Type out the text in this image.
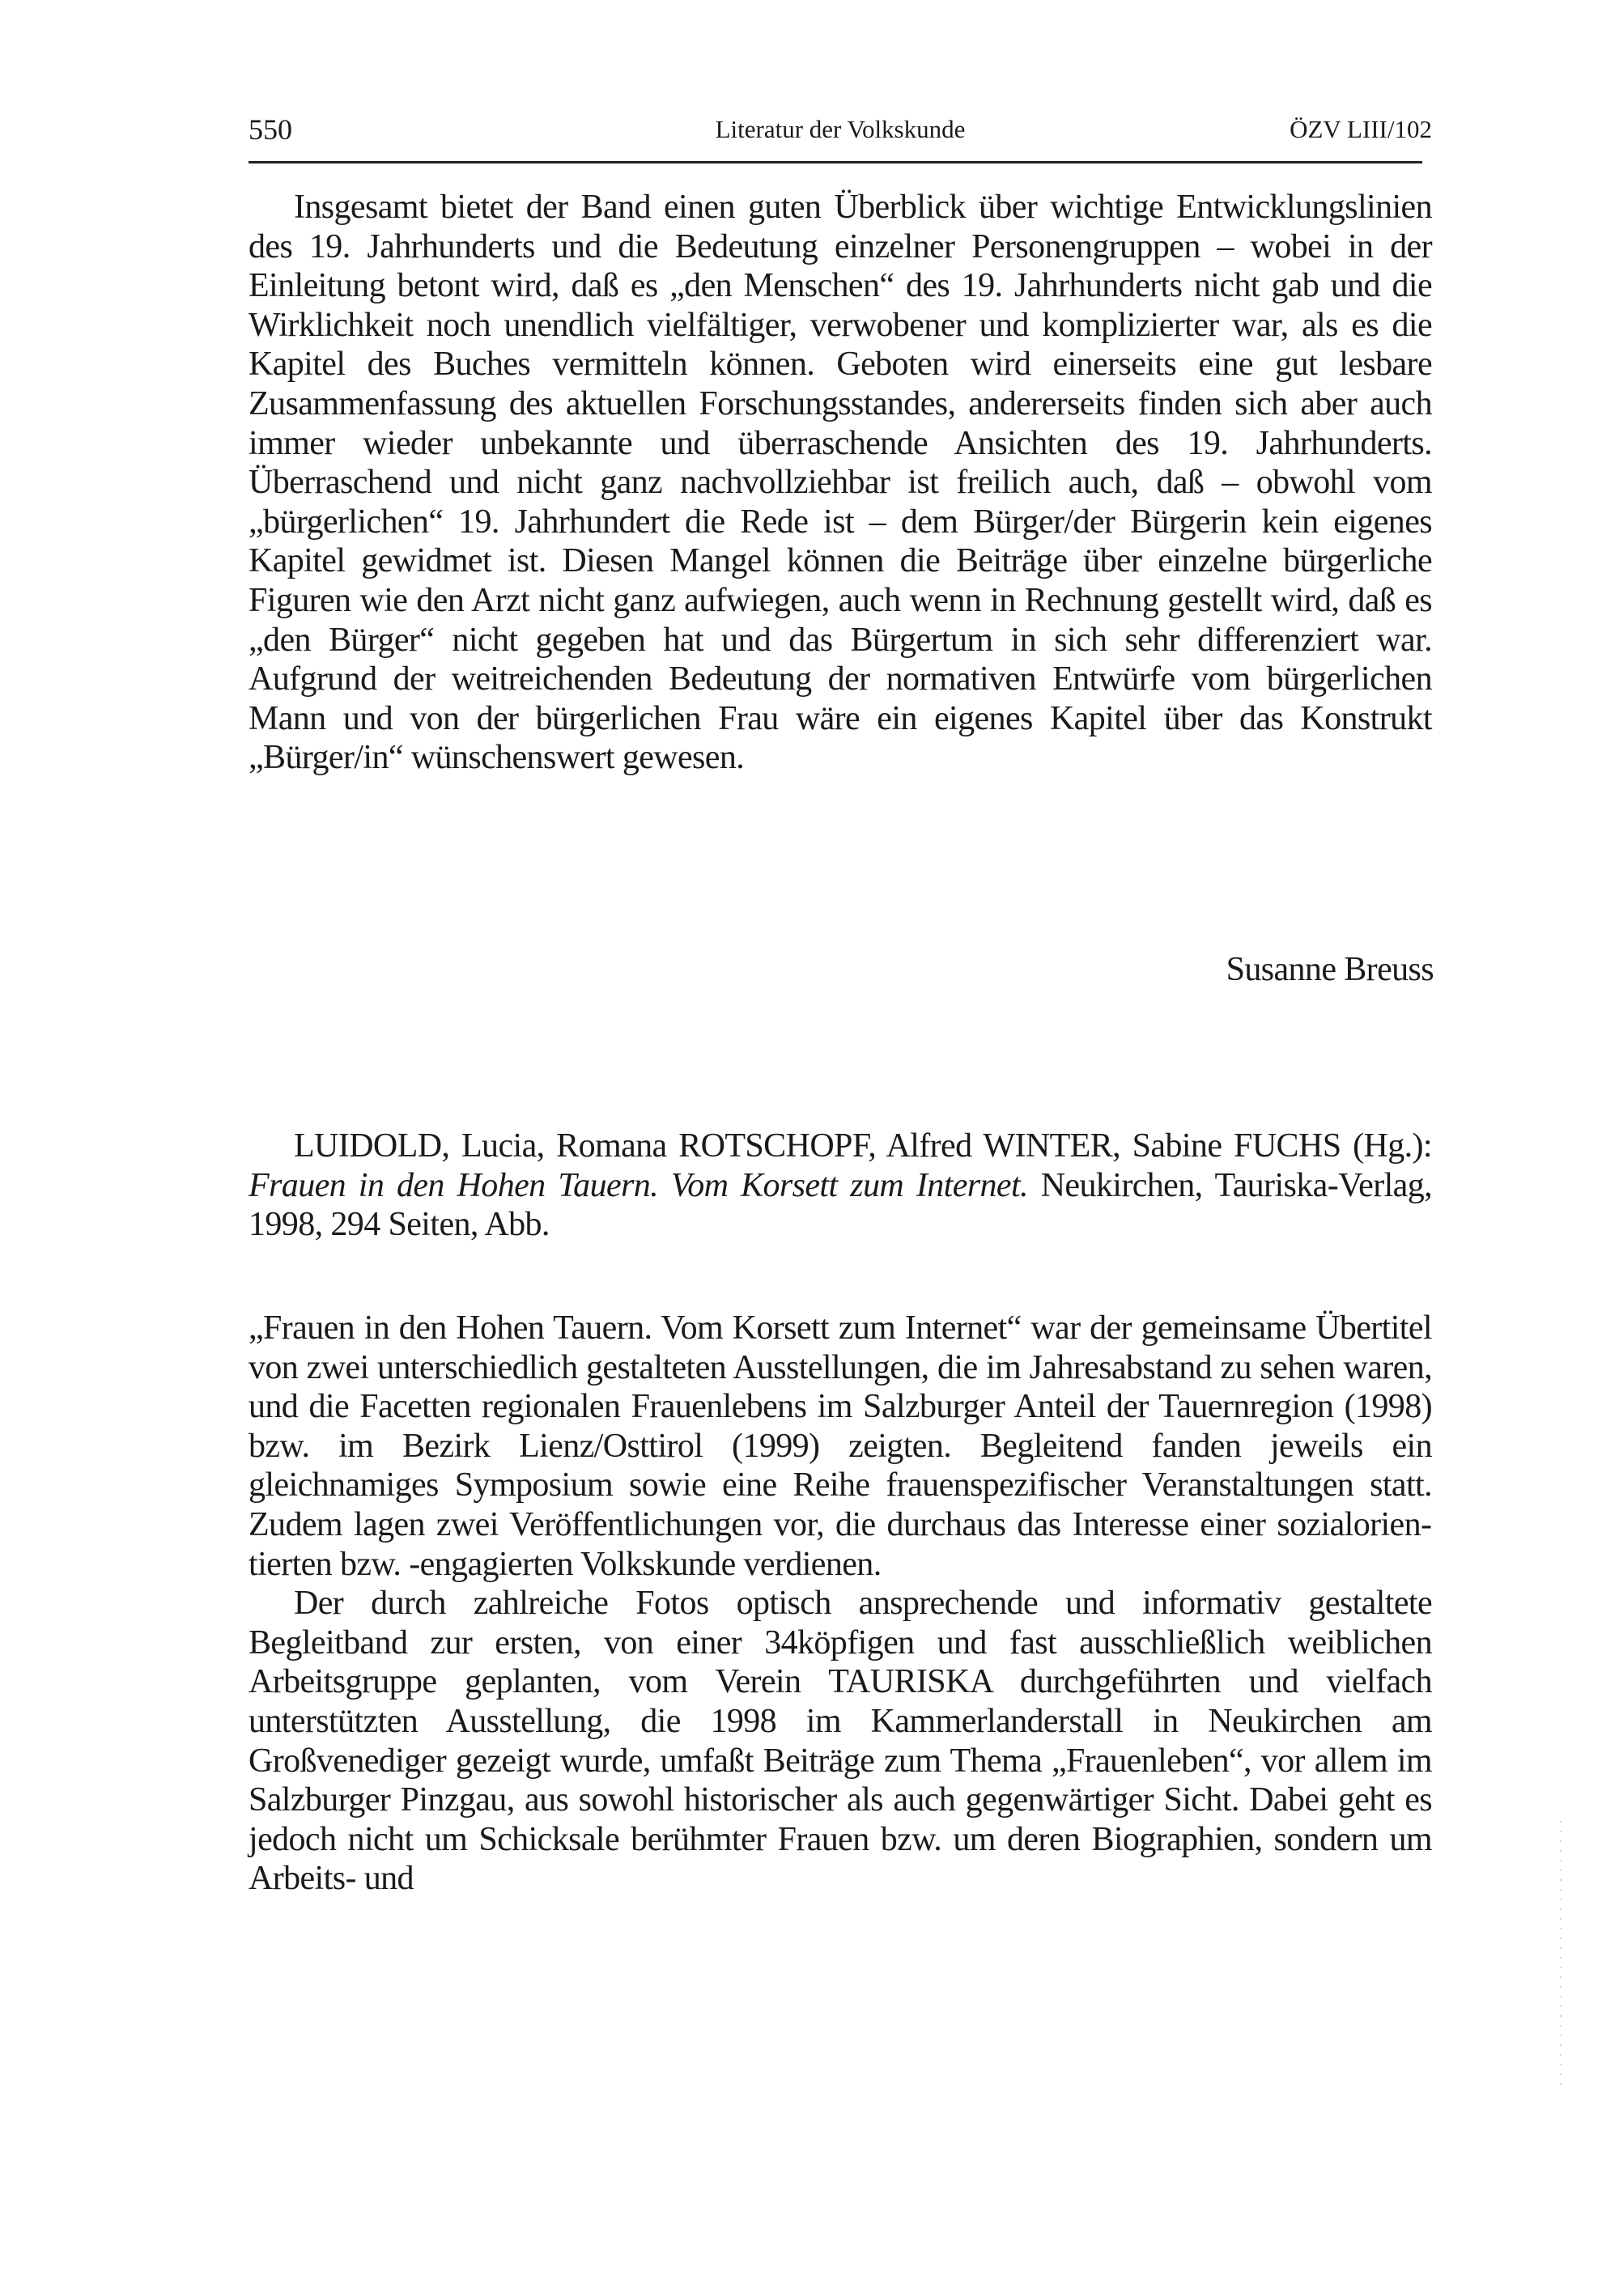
550	Literatur der Volkskunde	ÖZV LIII/102

Insgesamt bietet der Band einen guten Überblick über wichtige Entwicklungslinien des 19. Jahrhunderts und die Bedeutung einzelner Personengruppen – wobei in der Einleitung betont wird, daß es „den Menschen“ des 19. Jahrhunderts nicht gab und die Wirklichkeit noch unendlich vielfältiger, verwobener und komplizierter war, als es die Kapitel des Buches vermitteln können. Geboten wird einerseits eine gut lesbare Zusammenfassung des aktuellen Forschungsstandes, andererseits finden sich aber auch immer wieder unbekannte und überraschende Ansichten des 19. Jahrhunderts. Überraschend und nicht ganz nachvollziehbar ist freilich auch, daß – obwohl vom „bürgerlichen“ 19. Jahrhundert die Rede ist – dem Bürger/der Bürgerin kein eigenes Kapitel gewidmet ist. Diesen Mangel können die Beiträge über einzelne bürgerliche Figuren wie den Arzt nicht ganz aufwiegen, auch wenn in Rechnung gestellt wird, daß es „den Bürger“ nicht gegeben hat und das Bürgertum in sich sehr differenziert war. Aufgrund der weitreichenden Bedeutung der normativen Entwürfe vom bürgerlichen Mann und von der bürgerlichen Frau wäre ein eigenes Kapitel über das Konstrukt „Bürger/in“ wünschenswert gewesen.

Susanne Breuss

LUIDOLD, Lucia, Romana ROTSCHOPF, Alfred WINTER, Sabine FUCHS (Hg.): Frauen in den Hohen Tauern. Vom Korsett zum Internet. Neukirchen, Tauriska-Verlag, 1998, 294 Seiten, Abb.

„Frauen in den Hohen Tauern. Vom Korsett zum Internet“ war der gemeinsame Übertitel von zwei unterschiedlich gestalteten Ausstellungen, die im Jahresabstand zu sehen waren, und die Facetten regionalen Frauenlebens im Salzburger Anteil der Tauernregion (1998) bzw. im Bezirk Lienz/Osttirol (1999) zeigten. Begleitend fanden jeweils ein gleichnamiges Symposium sowie eine Reihe frauenspezifischer Veranstaltungen statt. Zudem lagen zwei Veröffentlichungen vor, die durchaus das Interesse einer sozialorientierten bzw. -engagierten Volkskunde verdienen.

Der durch zahlreiche Fotos optisch ansprechende und informativ gestaltete Begleitband zur ersten, von einer 34köpfigen und fast ausschließlich weiblichen Arbeitsgruppe geplanten, vom Verein TAURISKA durchgeführten und vielfach unterstützten Ausstellung, die 1998 im Kammerlanderstall in Neukirchen am Großvenediger gezeigt wurde, umfaßt Beiträge zum Thema „Frauenleben“, vor allem im Salzburger Pinzgau, aus sowohl historischer als auch gegenwärtiger Sicht. Dabei geht es jedoch nicht um Schicksale berühmter Frauen bzw. um deren Biographien, sondern um Arbeits- und
